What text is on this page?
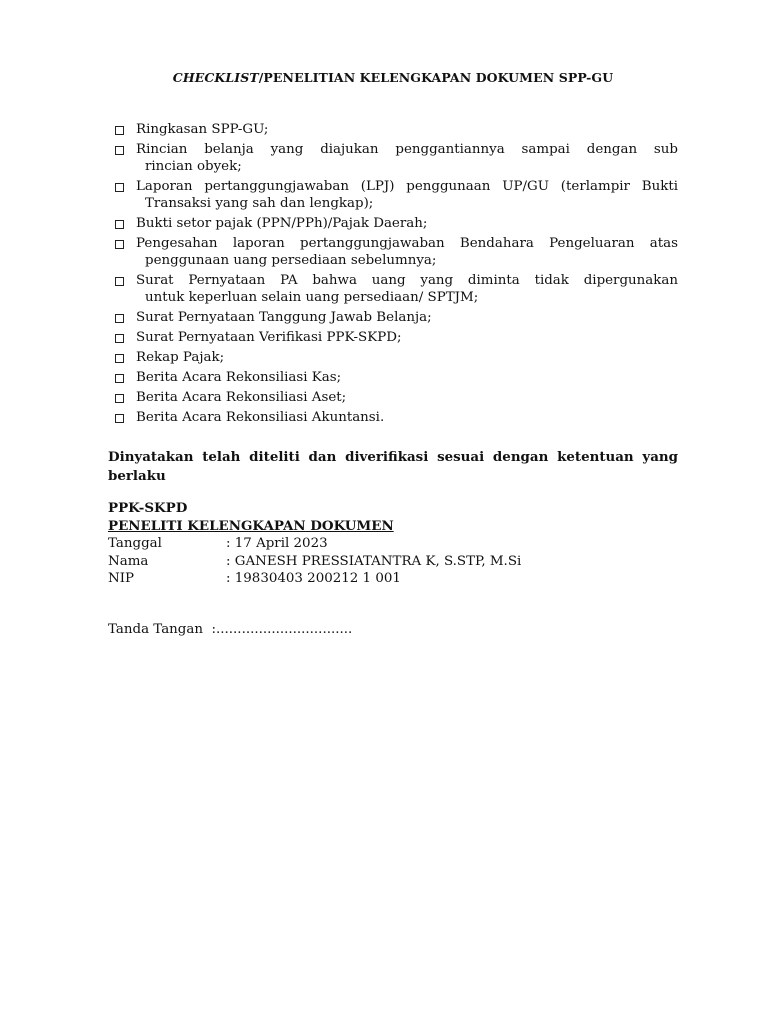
CHECKLIST/PENELITIAN KELENGKAPAN DOKUMEN SPP-GU
Ringkasan SPP-GU;
Rincian belanja yang diajukan penggantiannya sampai dengan sub
rincian obyek;
Laporan pertanggungjawaban (LPJ) penggunaan UP/GU (terlampir Bukti
Transaksi yang sah dan lengkap);
Bukti setor pajak (PPN/PPh)/Pajak Daerah;
Pengesahan laporan pertanggungjawaban Bendahara Pengeluaran atas
penggunaan uang persediaan sebelumnya;
Surat Pernyataan PA bahwa uang yang diminta tidak dipergunakan
untuk keperluan selain uang persediaan/ SPTJM;
Surat Pernyataan Tanggung Jawab Belanja;
Surat Pernyataan Verifikasi PPK-SKPD;
Rekap Pajak;
Berita Acara Rekonsiliasi Kas;
Berita Acara Rekonsiliasi Aset;
Berita Acara Rekonsiliasi Akuntansi.
Dinyatakan telah diteliti dan diverifikasi sesuai dengan ketentuan yang
berlaku
PPK-SKPD
PENELITI KELENGKAPAN DOKUMEN
Tanggal	: 17 April 2023
Nama	: GANESH PRESSIATANTRA K, S.STP, M.Si
NIP	: 19830403 200212 1 001
Tanda Tangan :................................
